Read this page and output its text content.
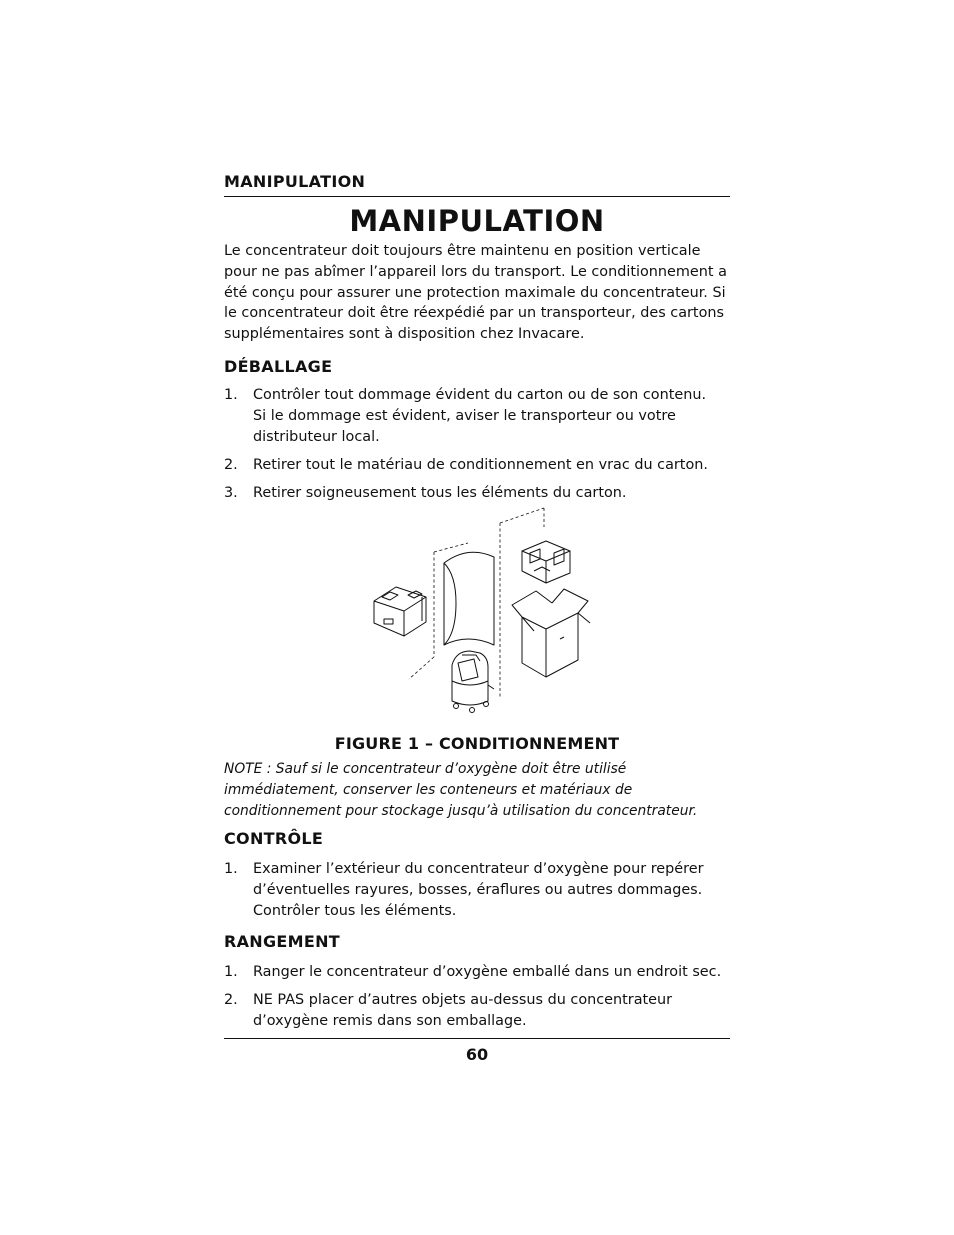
MANIPULATION
MANIPULATION
Le concentrateur doit toujours être maintenu en position verticale pour ne pas abîmer l’appareil lors du transport. Le conditionnement a été conçu pour assurer une protection maximale du concentrateur. Si le concentrateur doit être réexpédié par un transporteur, des cartons supplémentaires sont à disposition chez Invacare.
DÉBALLAGE
1. Contrôler tout dommage évident du carton ou de son contenu. Si le dommage est évident, aviser le transporteur ou votre distributeur local.
2. Retirer tout le matériau de conditionnement en vrac du carton.
3. Retirer soigneusement tous les éléments du carton.
FIGURE 1 – CONDITIONNEMENT
NOTE : Sauf si le concentrateur d’oxygène doit être utilisé immédiatement, conserver les conteneurs et matériaux de conditionnement pour stockage jusqu’à utilisation du concentrateur.
CONTRÔLE
1. Examiner l’extérieur du concentrateur d’oxygène pour repérer d’éventuelles rayures, bosses, éraflures ou autres dommages. Contrôler tous les éléments.
RANGEMENT
1. Ranger le concentrateur d’oxygène emballé dans un endroit sec.
2. NE PAS placer d’autres objets au-dessus du concentrateur d’oxygène remis dans son emballage.
60
